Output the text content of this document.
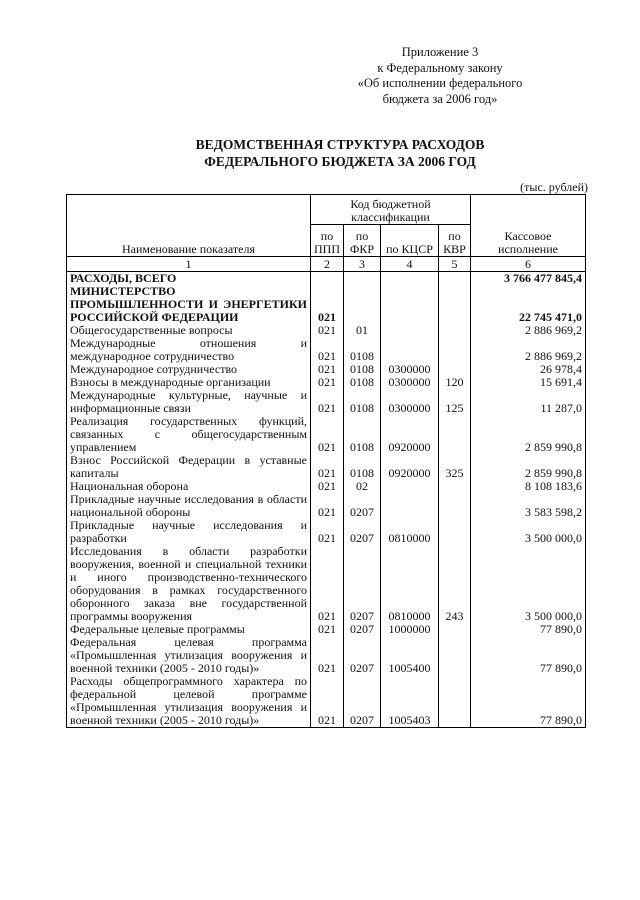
Приложение 3
к Федеральному закону
«Об исполнении федерального
бюджета за 2006 год»
ВЕДОМСТВЕННАЯ СТРУКТУРА РАСХОДОВ
ФЕДЕРАЛЬНОГО БЮДЖЕТА ЗА 2006 ГОД
(тыс. рублей)
Наименование показателя	Код бюджетной классификации				Кассовое исполнение
	по ППП	по ФКР	по КЦСР	по КВР	
1	2	3	4	5	6
РАСХОДЫ, ВСЕГО					3 766 477 845,4
МИНИСТЕРСТВО ПРОМЫШЛЕННОСТИ И ЭНЕРГЕТИКИ РОССИЙСКОЙ ФЕДЕРАЦИИ	021				22 745 471,0
Общегосударственные вопросы	021	01			2 886 969,2
Международные отношения и международное сотрудничество	021	0108			2 886 969,2
Международное сотрудничество	021	0108	0300000		26 978,4
Взносы в международные организации	021	0108	0300000	120	15 691,4
Международные культурные, научные и информационные связи	021	0108	0300000	125	11 287,0
Реализация государственных функций, связанных с общегосударственным управлением	021	0108	0920000		2 859 990,8
Взнос Российской Федерации в уставные капиталы	021	0108	0920000	325	2 859 990,8
Национальная оборона	021	02			8 108 183,6
Прикладные научные исследования в области национальной обороны	021	0207			3 583 598,2
Прикладные научные исследования и разработки	021	0207	0810000		3 500 000,0
Исследования в области разработки вооружения, военной и специальной техники и иного производственно-технического оборудования в рамках государственного оборонного заказа вне государственной программы вооружения	021	0207	0810000	243	3 500 000,0
Федеральные целевые программы	021	0207	1000000		77 890,0
Федеральная целевая программа «Промышленная утилизация вооружения и военной техники (2005 - 2010 годы)»	021	0207	1005400		77 890,0
Расходы общепрограммного характера по федеральной целевой программе «Промышленная утилизация вооружения и военной техники (2005 - 2010 годы)»	021	0207	1005403		77 890,0
